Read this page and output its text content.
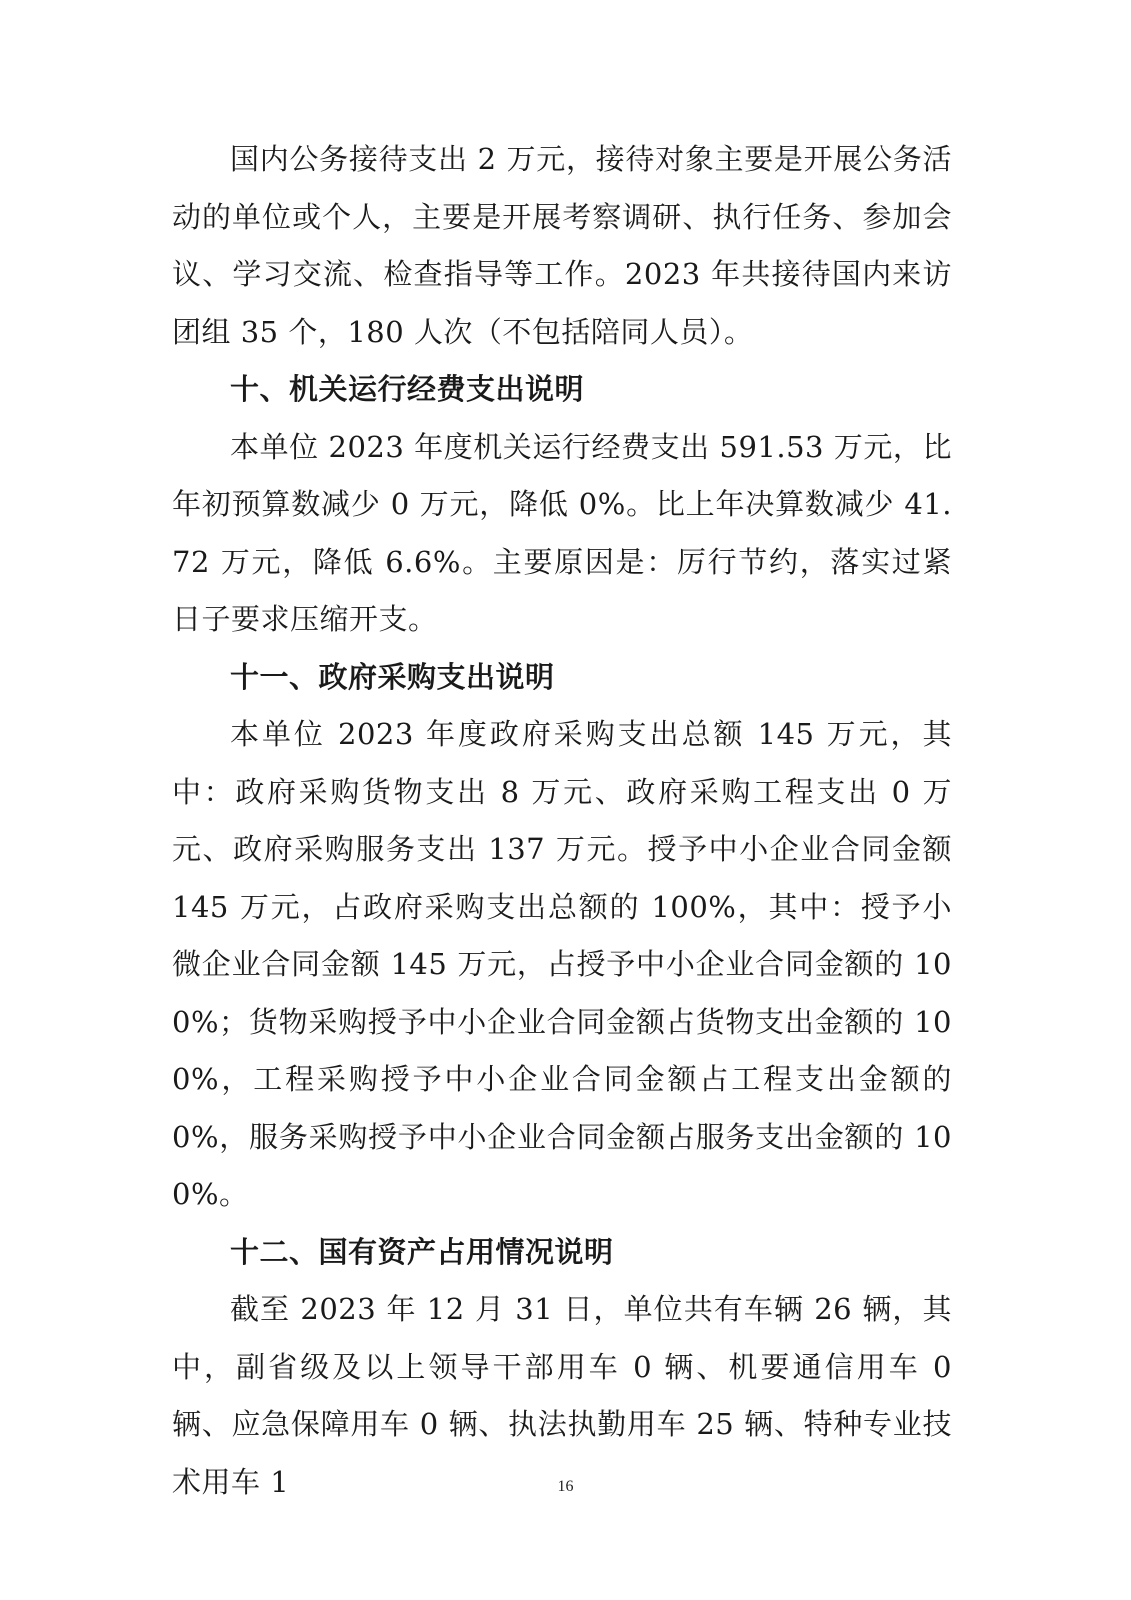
国内公务接待支出 2 万元，接待对象主要是开展公务活动的单位或个人，主要是开展考察调研、执行任务、参加会议、学习交流、检查指导等工作。2023 年共接待国内来访团组 35 个，180 人次（不包括陪同人员）。

十、机关运行经费支出说明

本单位 2023 年度机关运行经费支出 591.53 万元，比年初预算数减少 0 万元，降低 0%。比上年决算数减少 41.72 万元，降低 6.6%。主要原因是：厉行节约，落实过紧日子要求压缩开支。

十一、政府采购支出说明

本单位 2023 年度政府采购支出总额 145 万元，其中：政府采购货物支出 8 万元、政府采购工程支出 0 万元、政府采购服务支出 137 万元。授予中小企业合同金额 145 万元，占政府采购支出总额的 100%，其中：授予小微企业合同金额 145 万元，占授予中小企业合同金额的 100%；货物采购授予中小企业合同金额占货物支出金额的 100%，工程采购授予中小企业合同金额占工程支出金额的 0%，服务采购授予中小企业合同金额占服务支出金额的 100%。

十二、国有资产占用情况说明

截至 2023 年 12 月 31 日，单位共有车辆 26 辆，其中，副省级及以上领导干部用车 0 辆、机要通信用车 0 辆、应急保障用车 0 辆、执法执勤用车 25 辆、特种专业技术用车 1	16
